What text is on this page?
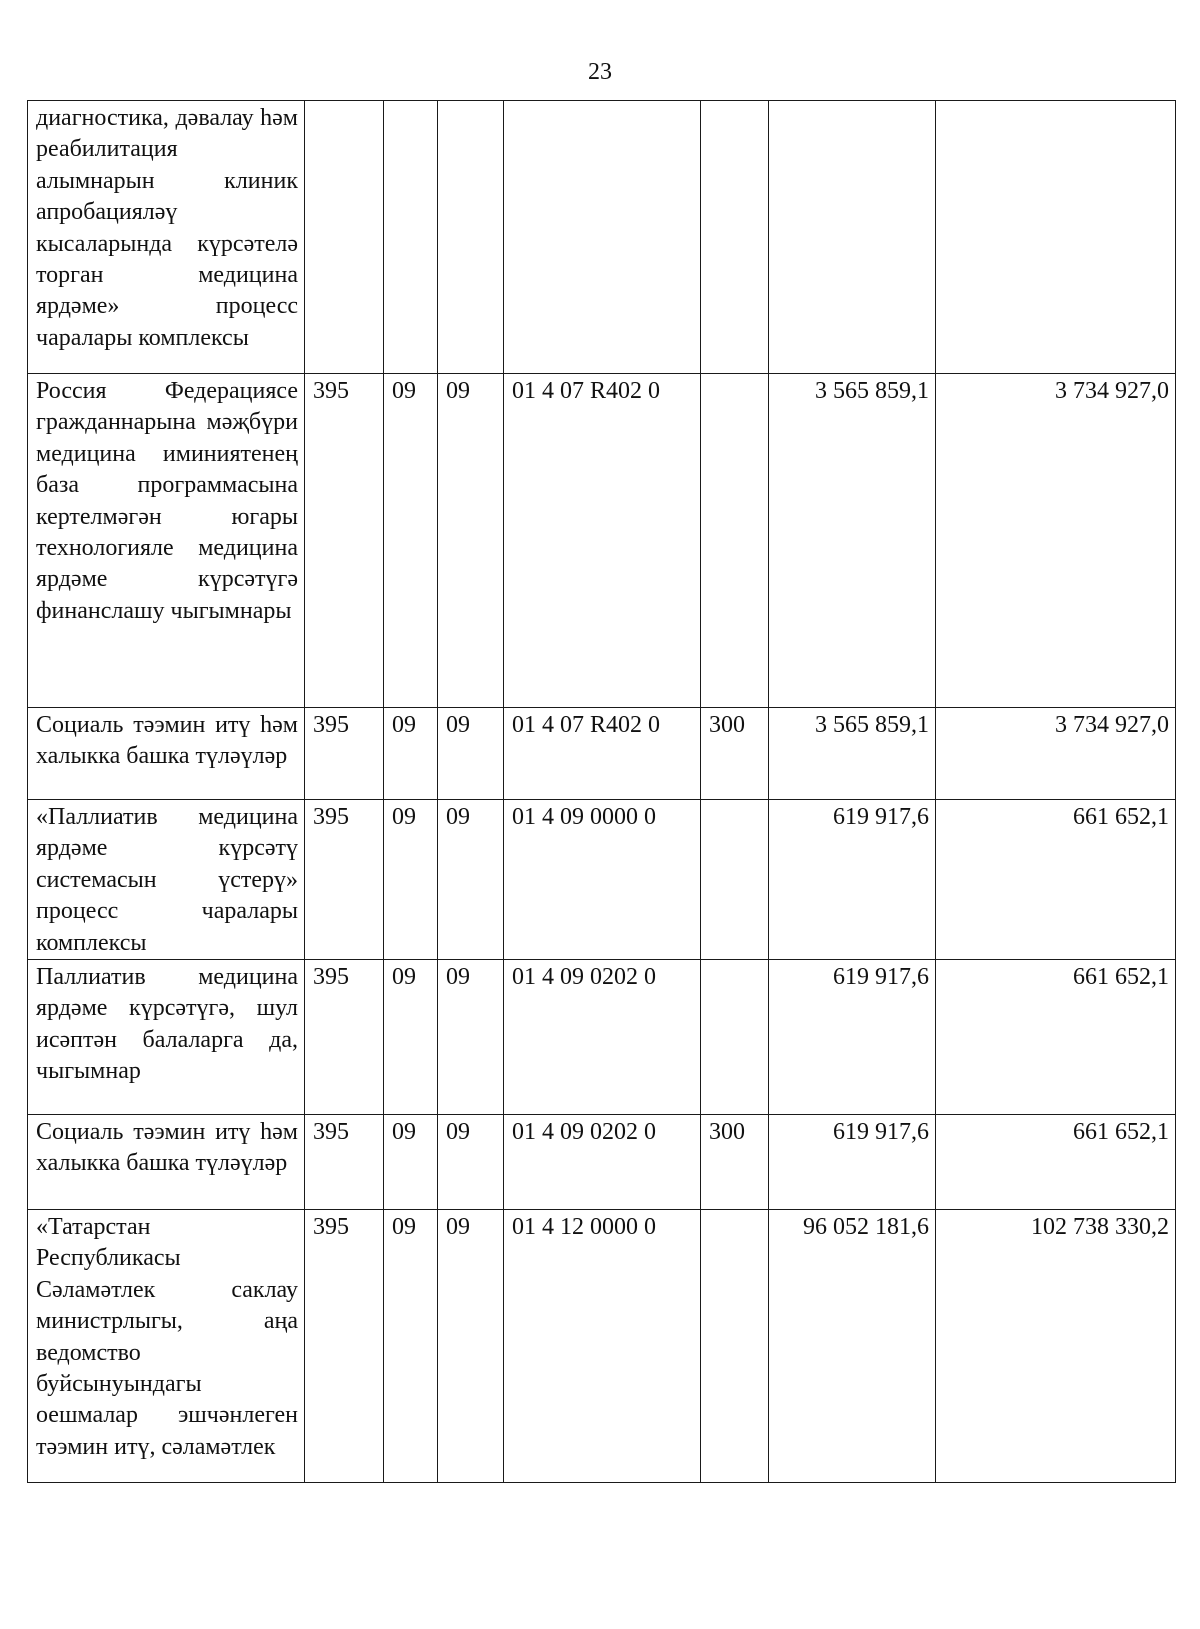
23
диагностика, дәвалау һәм реабилитация алымнарын клиник апробацияләү кысаларында күрсәтелә торган медицина ярдәме» процесс чаралары комплексы							
Россия Федерациясе гражданнарына мәҗбүри медицина иминиятенең база программасына кертелмәгән югары технологияле медицина ярдәме күрсәтүгә финанслашу чыгымнары	395	09	09	01 4 07 R402 0		3 565 859,1	3 734 927,0
Социаль тәэмин итү һәм халыкка башка түләүләр	395	09	09	01 4 07 R402 0	300	3 565 859,1	3 734 927,0
«Паллиатив медицина ярдәме күрсәтү системасын үстерү» процесс чаралары комплексы	395	09	09	01 4 09 0000 0		619 917,6	661 652,1
Паллиатив медицина ярдәме күрсәтүгә, шул исәптән балаларга да, чыгымнар	395	09	09	01 4 09 0202 0		619 917,6	661 652,1
Социаль тәэмин итү һәм халыкка башка түләүләр	395	09	09	01 4 09 0202 0	300	619 917,6	661 652,1
«Татарстан Республикасы Сәламәтлек саклау министрлыгы, аңа ведомство буйсынуындагы оешмалар эшчәнлеген тәэмин итү, сәламәтлек	395	09	09	01 4 12 0000 0		96 052 181,6	102 738 330,2
